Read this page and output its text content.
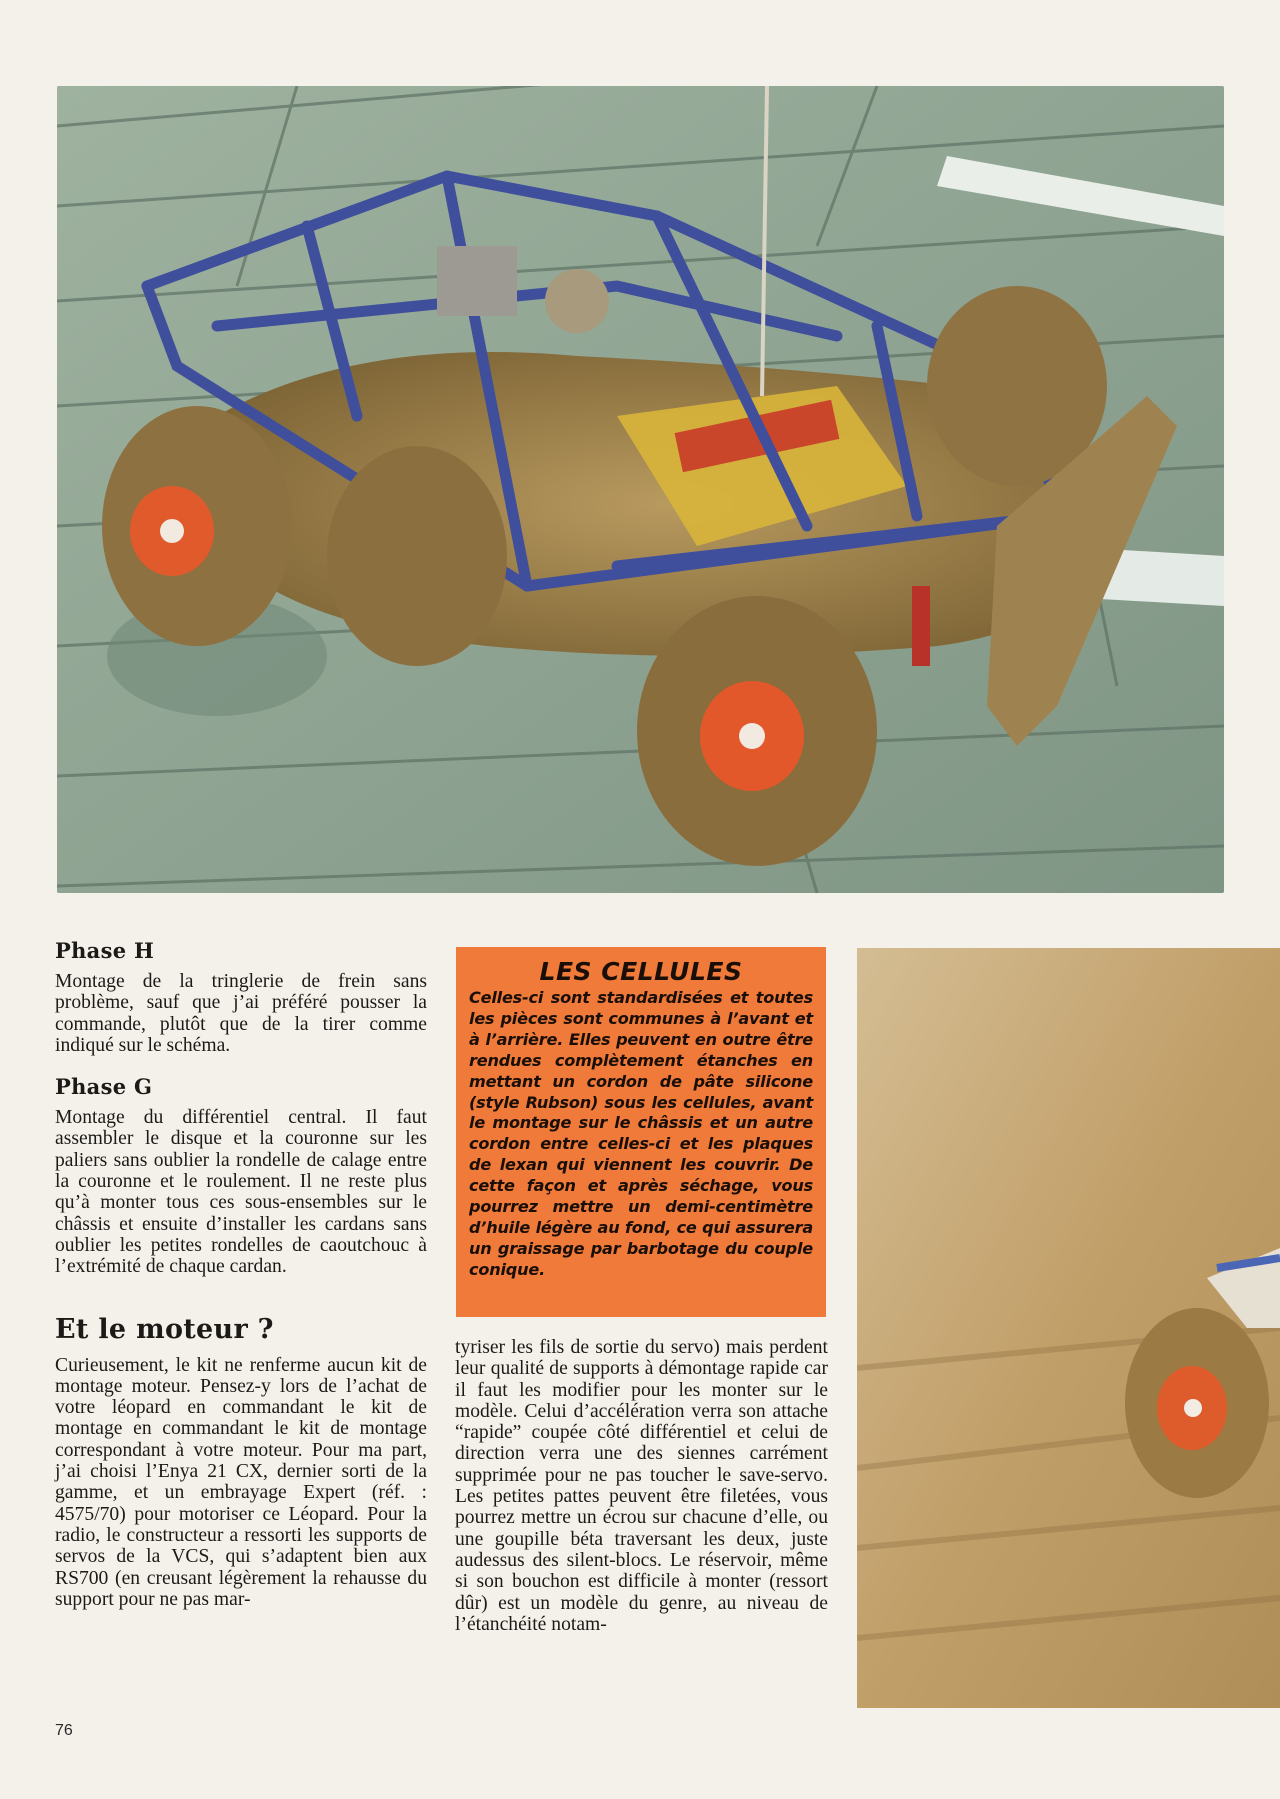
Phase H

Montage de la tringlerie de frein sans problème, sauf que j’ai préféré pousser la commande, plutôt que de la tirer comme indiqué sur le schéma.

Phase G

Montage du différentiel central. Il faut assembler le disque et la couronne sur les paliers sans oublier la rondelle de calage entre la couronne et le roulement. Il ne reste plus qu’à monter tous ces sous-ensembles sur le châssis et ensuite d’installer les cardans sans oublier les petites rondelles de caoutchouc à l’extrémité de chaque cardan.

Et le moteur ?

Curieusement, le kit ne renferme aucun kit de montage moteur. Pensez-y lors de l’achat de votre léopard en commandant le kit de montage en commandant le kit de montage correspondant à votre moteur. Pour ma part, j’ai choisi l’Enya 21 CX, dernier sorti de la gamme, et un embrayage Expert (réf. : 4575/70) pour motoriser ce Léopard. Pour la radio, le constructeur a ressorti les supports de servos de la VCS, qui s’adaptent bien aux RS700 (en creusant légèrement la rehausse du support pour ne pas mar-

LES CELLULES

Celles-ci sont standardisées et toutes les pièces sont communes à l’avant et à l’arrière. Elles peuvent en outre être rendues complètement étanches en mettant un cordon de pâte silicone (style Rubson) sous les cellules, avant le montage sur le châssis et un autre cordon entre celles-ci et les plaques de lexan qui viennent les couvrir. De cette façon et après séchage, vous pourrez mettre un demi-centimètre d’huile légère au fond, ce qui assurera un graissage par barbotage du couple conique.

tyriser les fils de sortie du servo) mais perdent leur qualité de supports à démontage rapide car il faut les modifier pour les monter sur le modèle. Celui d’accélération verra son attache “rapide” coupée côté différentiel et celui de direction verra une des siennes carrément supprimée pour ne pas toucher le save-servo. Les petites pattes peuvent être filetées, vous pourrez mettre un écrou sur chacune d’elle, ou une goupille béta traversant les deux, juste audessus des silent-blocs. Le réservoir, même si son bouchon est difficile à monter (ressort dûr) est un modèle du genre, au niveau de l’étanchéité notam-

76
